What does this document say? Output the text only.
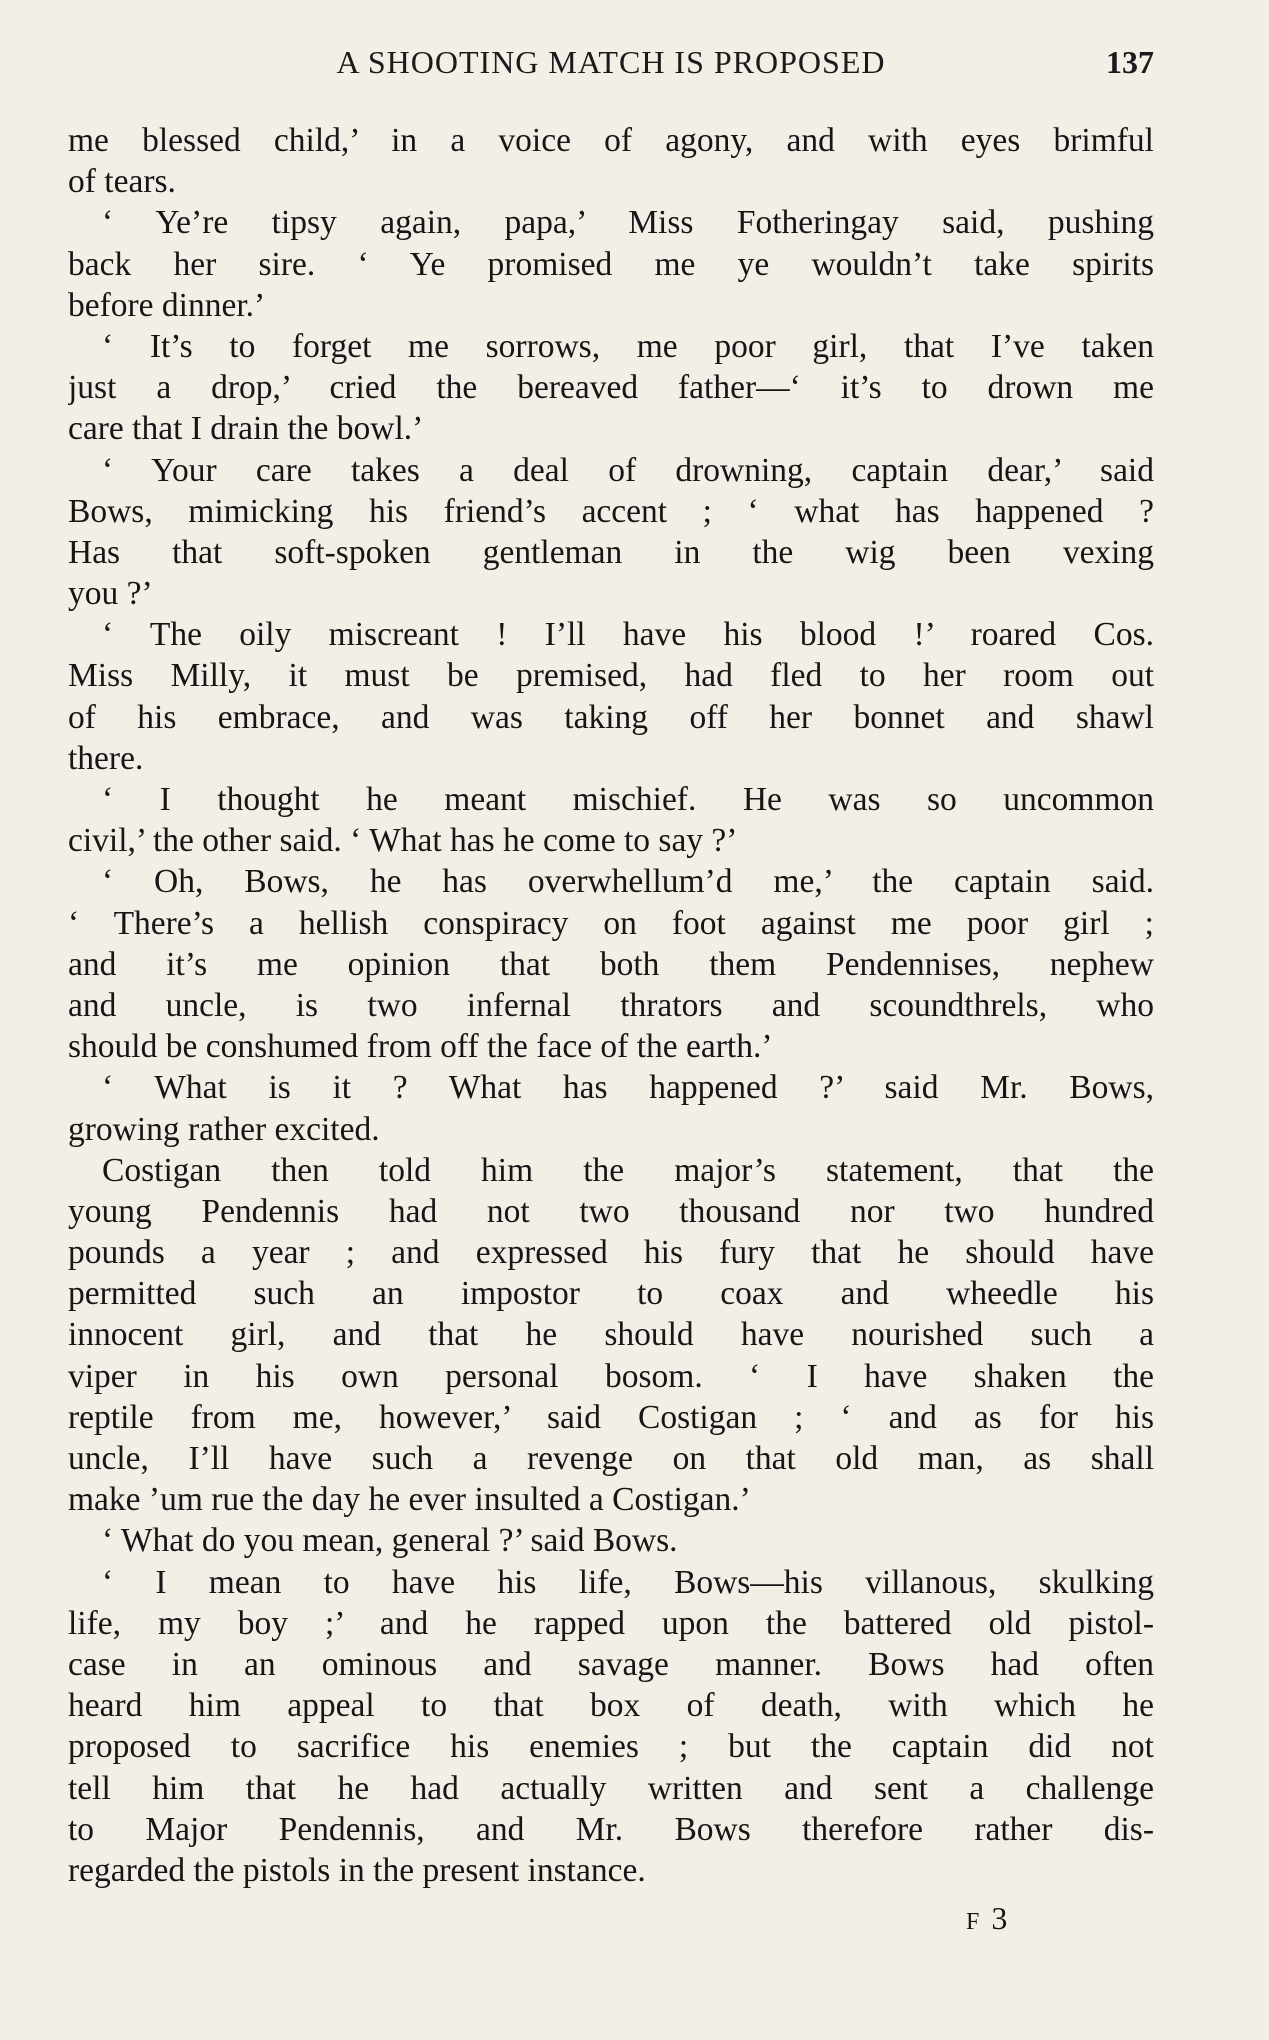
A SHOOTING MATCH IS PROPOSED	137
me blessed child,’ in a voice of agony, and with eyes brimful
of tears.
‘ Ye’re tipsy again, papa,’ Miss Fotheringay said, pushing
back her sire. ‘ Ye promised me ye wouldn’t take spirits
before dinner.’
‘ It’s to forget me sorrows, me poor girl, that I’ve taken
just a drop,’ cried the bereaved father—‘ it’s to drown me
care that I drain the bowl.’
‘ Your care takes a deal of drowning, captain dear,’ said
Bows, mimicking his friend’s accent ; ‘ what has happened ?
Has that soft-spoken gentleman in the wig been vexing
you ?’
‘ The oily miscreant ! I’ll have his blood !’ roared Cos.
Miss Milly, it must be premised, had fled to her room out
of his embrace, and was taking off her bonnet and shawl
there.
‘ I thought he meant mischief. He was so uncommon
civil,’ the other said. ‘ What has he come to say ?’
‘ Oh, Bows, he has overwhellum’d me,’ the captain said.
‘ There’s a hellish conspiracy on foot against me poor girl ;
and it’s me opinion that both them Pendennises, nephew
and uncle, is two infernal thrators and scoundthrels, who
should be conshumed from off the face of the earth.’
‘ What is it ? What has happened ?’ said Mr. Bows,
growing rather excited.
Costigan then told him the major’s statement, that the
young Pendennis had not two thousand nor two hundred
pounds a year ; and expressed his fury that he should have
permitted such an impostor to coax and wheedle his
innocent girl, and that he should have nourished such a
viper in his own personal bosom. ‘ I have shaken the
reptile from me, however,’ said Costigan ; ‘ and as for his
uncle, I’ll have such a revenge on that old man, as shall
make ’um rue the day he ever insulted a Costigan.’
‘ What do you mean, general ?’ said Bows.
‘ I mean to have his life, Bows—his villanous, skulking
life, my boy ;’ and he rapped upon the battered old pistol-
case in an ominous and savage manner. Bows had often
heard him appeal to that box of death, with which he
proposed to sacrifice his enemies ; but the captain did not
tell him that he had actually written and sent a challenge
to Major Pendennis, and Mr. Bows therefore rather dis-
regarded the pistols in the present instance.
F 3
